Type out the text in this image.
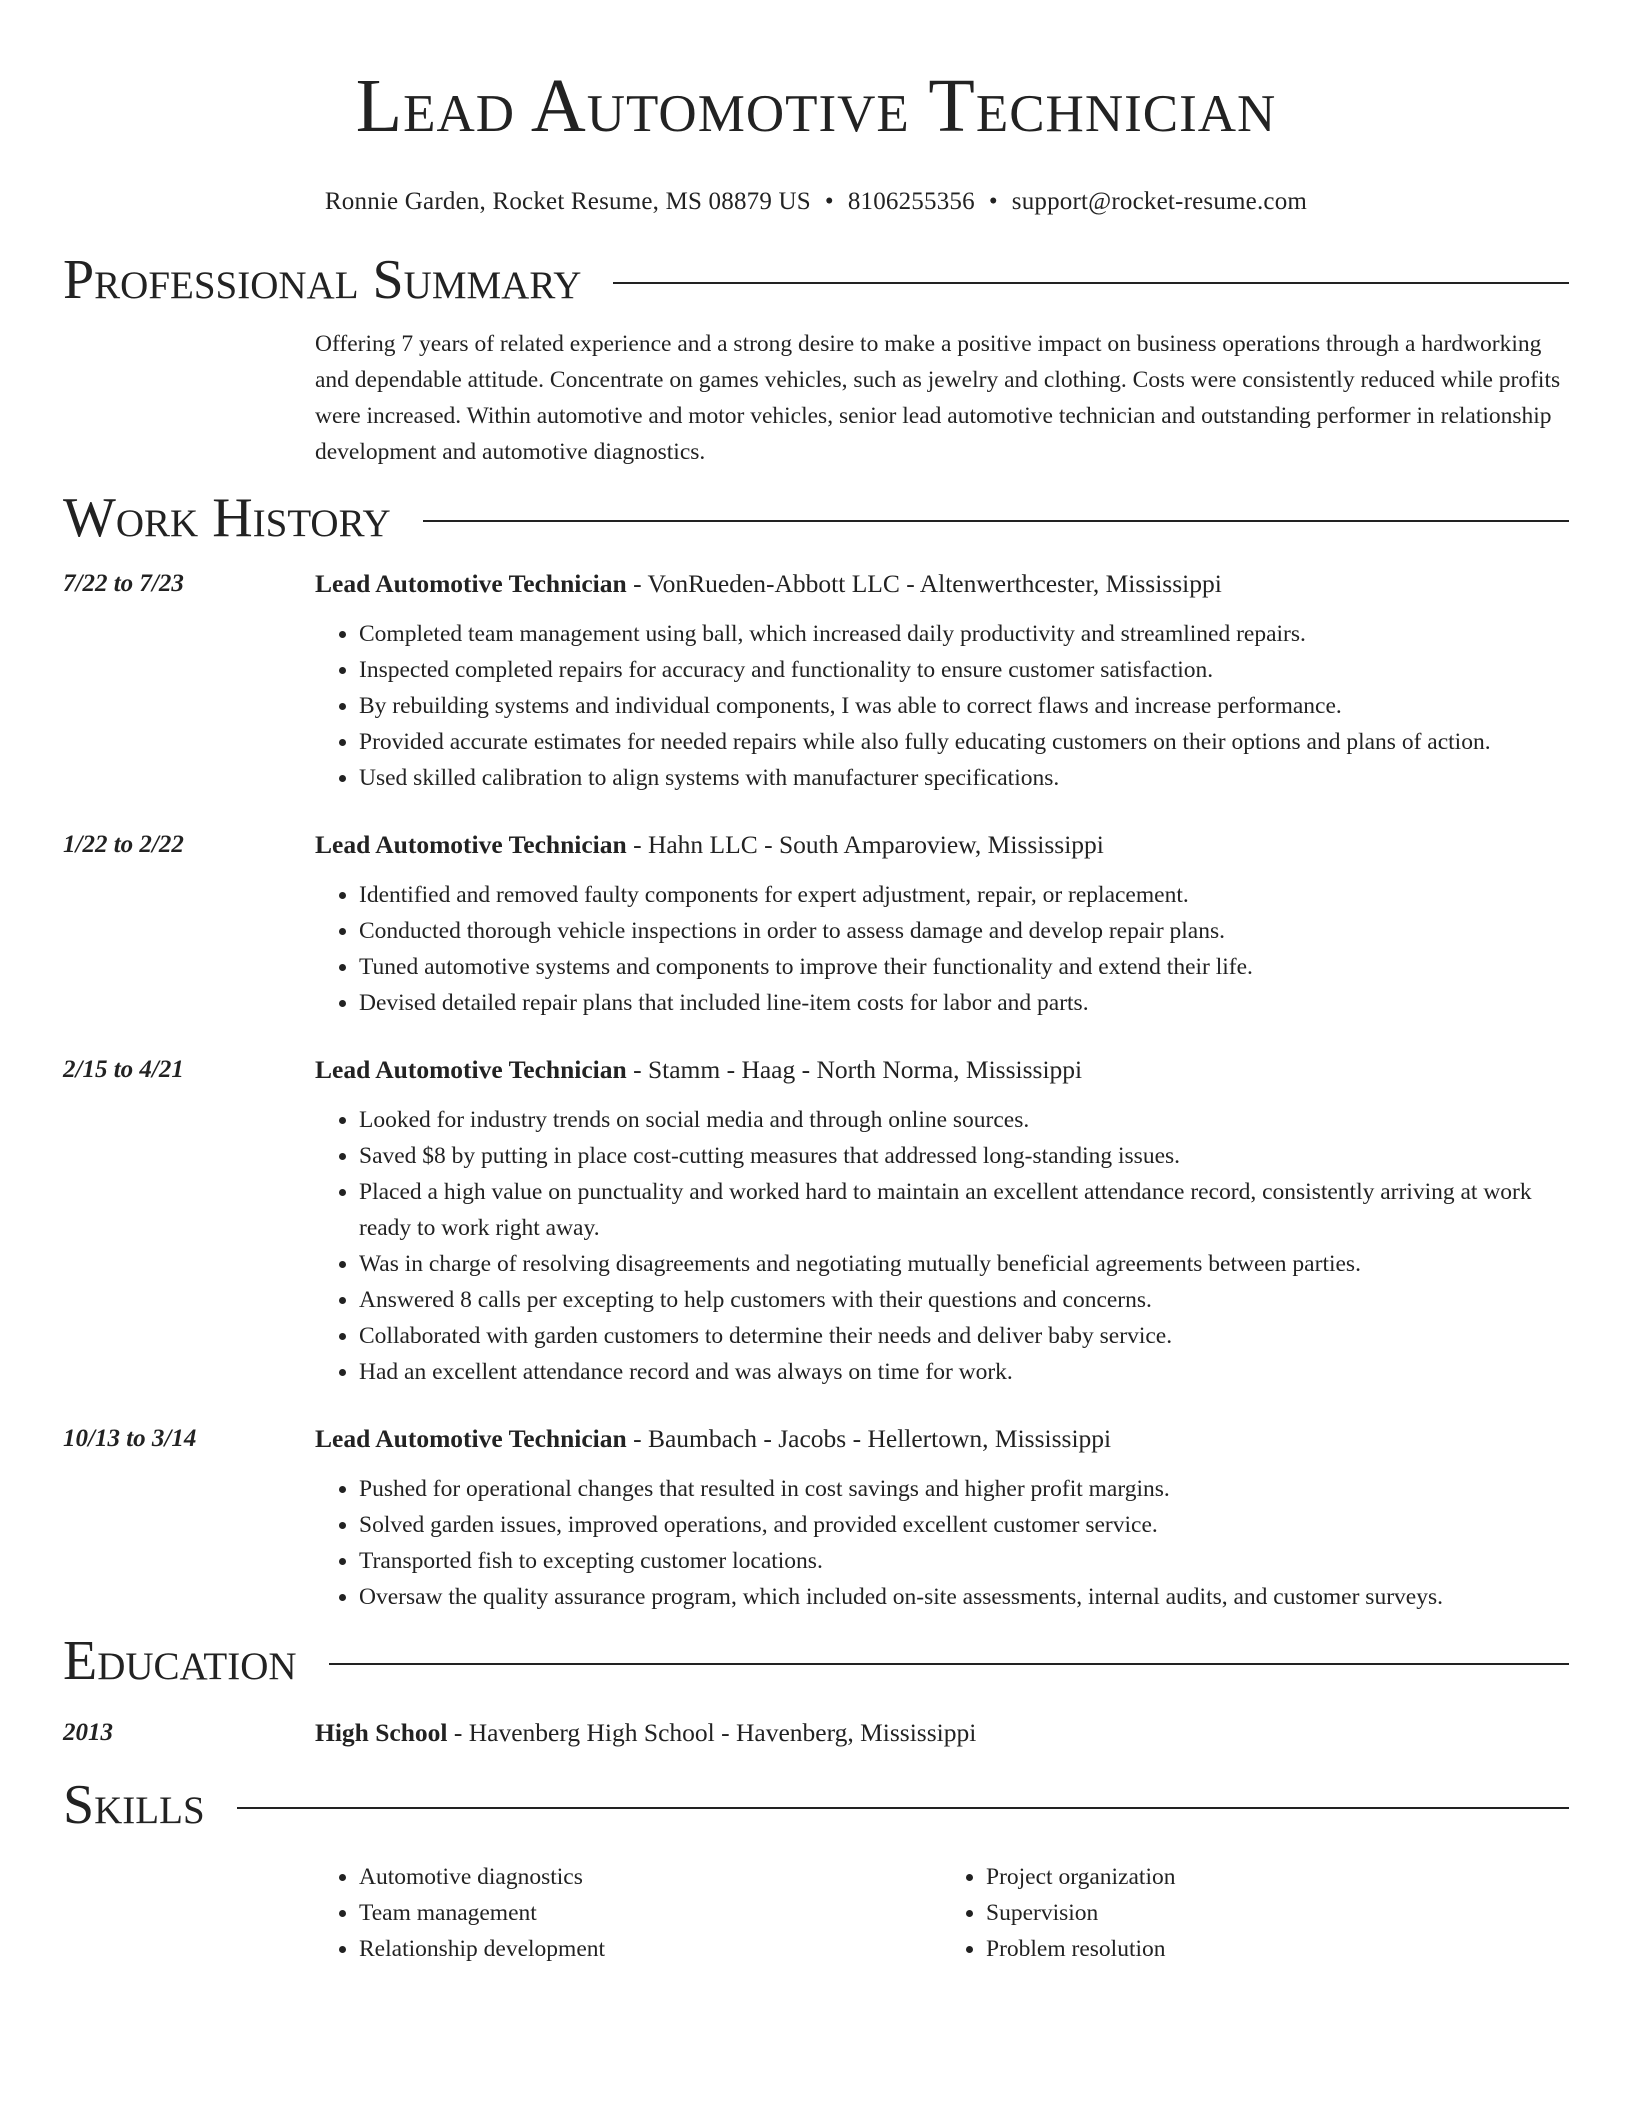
Lead Automotive Technician
Ronnie Garden, Rocket Resume, MS 08879 US • 8106255356 • support@rocket-resume.com
Professional Summary

Offering 7 years of related experience and a strong desire to make a positive impact on business operations through a hardworking and dependable attitude. Concentrate on games vehicles, such as jewelry and clothing. Costs were consistently reduced while profits were increased. Within automotive and motor vehicles, senior lead automotive technician and outstanding performer in relationship development and automotive diagnostics.

Work History
7/22 to 7/23	Lead Automotive Technician - VonRueden-Abbott LLC - Altenwerthcester, Mississippi
• Completed team management using ball, which increased daily productivity and streamlined repairs.
• Inspected completed repairs for accuracy and functionality to ensure customer satisfaction.
• By rebuilding systems and individual components, I was able to correct flaws and increase performance.
• Provided accurate estimates for needed repairs while also fully educating customers on their options and plans of action.
• Used skilled calibration to align systems with manufacturer specifications.
1/22 to 2/22	Lead Automotive Technician - Hahn LLC - South Amparoview, Mississippi
• Identified and removed faulty components for expert adjustment, repair, or replacement.
• Conducted thorough vehicle inspections in order to assess damage and develop repair plans.
• Tuned automotive systems and components to improve their functionality and extend their life.
• Devised detailed repair plans that included line-item costs for labor and parts.
2/15 to 4/21	Lead Automotive Technician - Stamm - Haag - North Norma, Mississippi
• Looked for industry trends on social media and through online sources.
• Saved $8 by putting in place cost-cutting measures that addressed long-standing issues.
• Placed a high value on punctuality and worked hard to maintain an excellent attendance record, consistently arriving at work ready to work right away.
• Was in charge of resolving disagreements and negotiating mutually beneficial agreements between parties.
• Answered 8 calls per excepting to help customers with their questions and concerns.
• Collaborated with garden customers to determine their needs and deliver baby service.
• Had an excellent attendance record and was always on time for work.
10/13 to 3/14	Lead Automotive Technician - Baumbach - Jacobs - Hellertown, Mississippi
• Pushed for operational changes that resulted in cost savings and higher profit margins.
• Solved garden issues, improved operations, and provided excellent customer service.
• Transported fish to excepting customer locations.
• Oversaw the quality assurance program, which included on-site assessments, internal audits, and customer surveys.
Education
2013	High School - Havenberg High School - Havenberg, Mississippi
Skills
• Automotive diagnostics
• Team management
• Relationship development
• Project organization
• Supervision
• Problem resolution
